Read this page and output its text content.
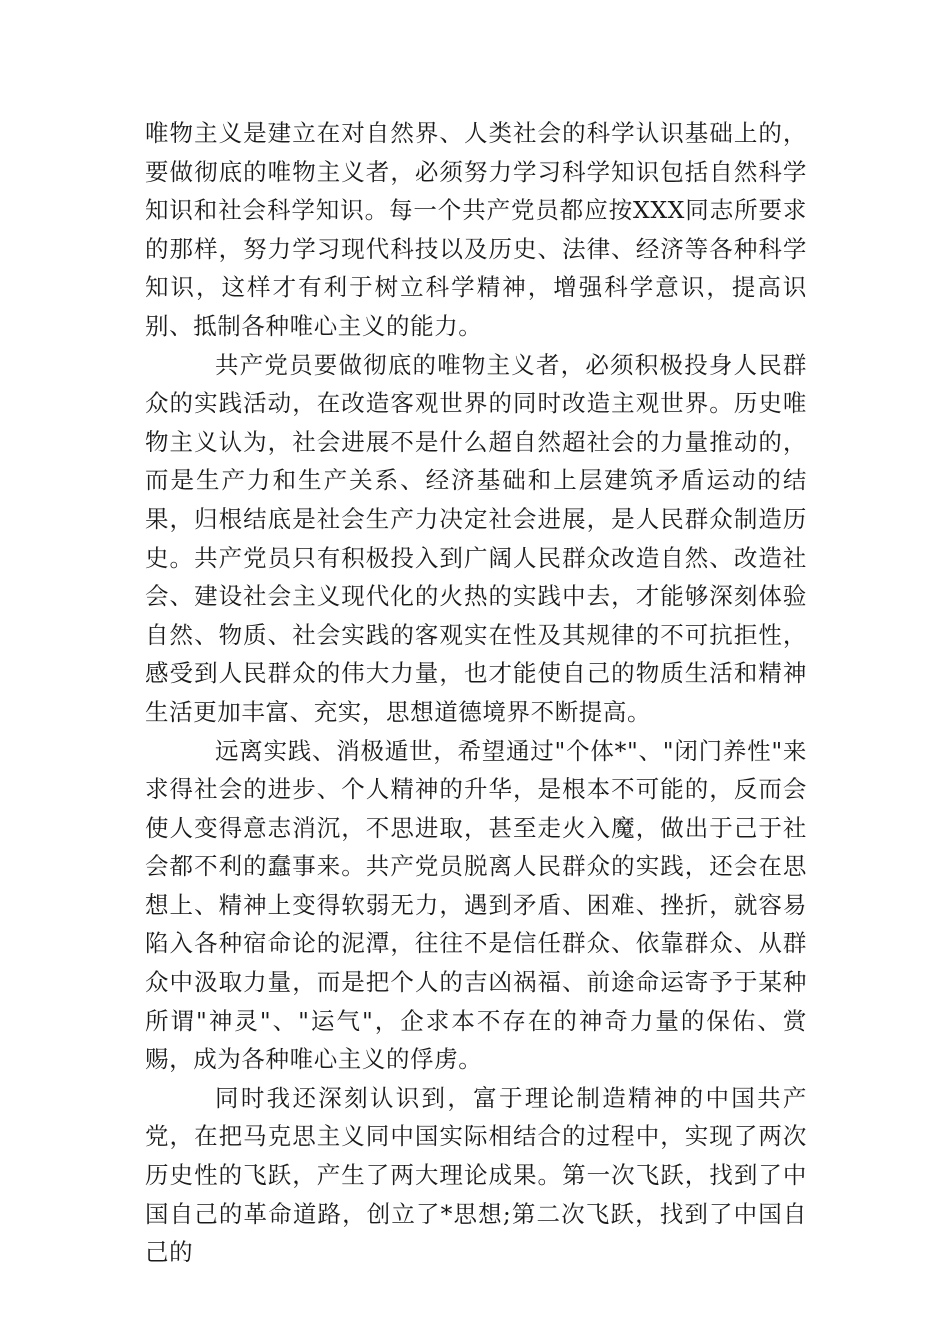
唯物主义是建立在对自然界、人类社会的科学认识基础上的，要做彻底的唯物主义者，必须努力学习科学知识包括自然科学知识和社会科学知识。每一个共产党员都应按XXX同志所要求的那样，努力学习现代科技以及历史、法律、经济等各种科学知识，这样才有利于树立科学精神，增强科学意识，提高识别、抵制各种唯心主义的能力。

共产党员要做彻底的唯物主义者，必须积极投身人民群众的实践活动，在改造客观世界的同时改造主观世界。历史唯物主义认为，社会进展不是什么超自然超社会的力量推动的，而是生产力和生产关系、经济基础和上层建筑矛盾运动的结果，归根结底是社会生产力决定社会进展，是人民群众制造历史。共产党员只有积极投入到广阔人民群众改造自然、改造社会、建设社会主义现代化的火热的实践中去，才能够深刻体验自然、物质、社会实践的客观实在性及其规律的不可抗拒性，感受到人民群众的伟大力量，也才能使自己的物质生活和精神生活更加丰富、充实，思想道德境界不断提高。

远离实践、消极遁世，希望通过"个体*"、"闭门养性"来求得社会的进步、个人精神的升华，是根本不可能的，反而会使人变得意志消沉，不思进取，甚至走火入魔，做出于己于社会都不利的蠢事来。共产党员脱离人民群众的实践，还会在思想上、精神上变得软弱无力，遇到矛盾、困难、挫折，就容易陷入各种宿命论的泥潭，往往不是信任群众、依靠群众、从群众中汲取力量，而是把个人的吉凶祸福、前途命运寄予于某种所谓"神灵"、"运气"，企求本不存在的神奇力量的保佑、赏赐，成为各种唯心主义的俘虏。

同时我还深刻认识到，富于理论制造精神的中国共产党，在把马克思主义同中国实际相结合的过程中，实现了两次历史性的飞跃，产生了两大理论成果。第一次飞跃，找到了中国自己的革命道路，创立了*思想;第二次飞跃，找到了中国自己的
